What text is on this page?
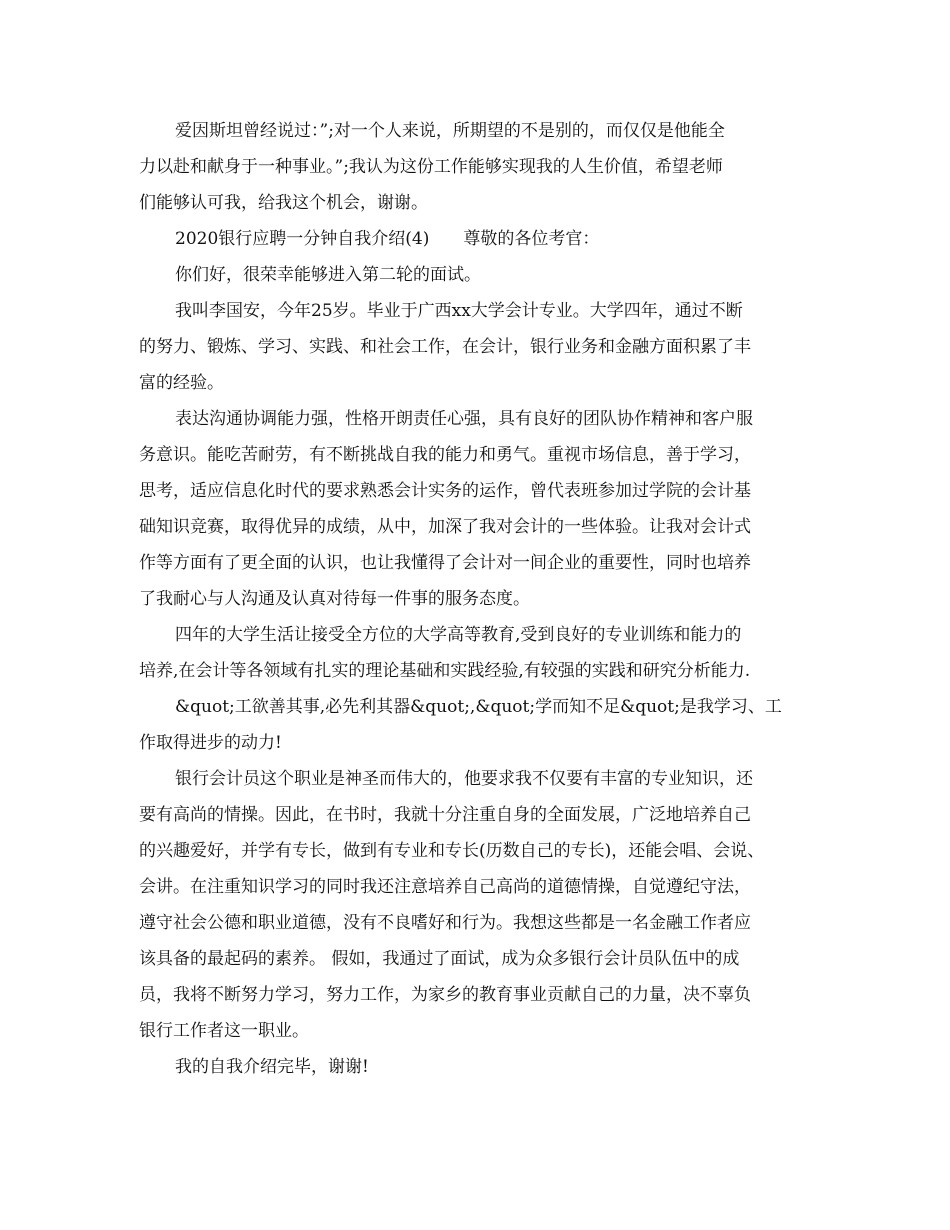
爱因斯坦曾经说过：”;对一个人来说，所期望的不是别的，而仅仅是他能全
力以赴和献身于一种事业。”;我认为这份工作能够实现我的人生价值，希望老师
们能够认可我，给我这个机会，谢谢。
2020银行应聘一分钟自我介绍(4)　　尊敬的各位考官：
你们好，很荣幸能够进入第二轮的面试。
我叫李国安，今年25岁。毕业于广西xx大学会计专业。大学四年，通过不断
的努力、锻炼、学习、实践、和社会工作，在会计，银行业务和金融方面积累了丰
富的经验。
表达沟通协调能力强，性格开朗责任心强，具有良好的团队协作精神和客户服
务意识。能吃苦耐劳，有不断挑战自我的能力和勇气。重视市场信息，善于学习，
思考，适应信息化时代的要求熟悉会计实务的运作，曾代表班参加过学院的会计基
础知识竞赛，取得优异的成绩，从中，加深了我对会计的一些体验。让我对会计式
作等方面有了更全面的认识，也让我懂得了会计对一间企业的重要性，同时也培养
了我耐心与人沟通及认真对待每一件事的服务态度。
四年的大学生活让接受全方位的大学高等教育,受到良好的专业训练和能力的
培养,在会计等各领域有扎实的理论基础和实践经验,有较强的实践和研究分析能力.
&quot;工欲善其事,必先利其器&quot;,&quot;学而知不足&quot;是我学习、工
作取得进步的动力!
银行会计员这个职业是神圣而伟大的，他要求我不仅要有丰富的专业知识，还
要有高尚的情操。因此，在书时，我就十分注重自身的全面发展，广泛地培养自己
的兴趣爱好，并学有专长，做到有专业和专长(历数自己的专长)，还能会唱、会说、
会讲。在注重知识学习的同时我还注意培养自己高尚的道德情操，自觉遵纪守法，
遵守社会公德和职业道德，没有不良嗜好和行为。我想这些都是一名金融工作者应
该具备的最起码的素养。 假如，我通过了面试，成为众多银行会计员队伍中的成
员，我将不断努力学习，努力工作，为家乡的教育事业贡献自己的力量，决不辜负
银行工作者这一职业。
我的自我介绍完毕，谢谢!
